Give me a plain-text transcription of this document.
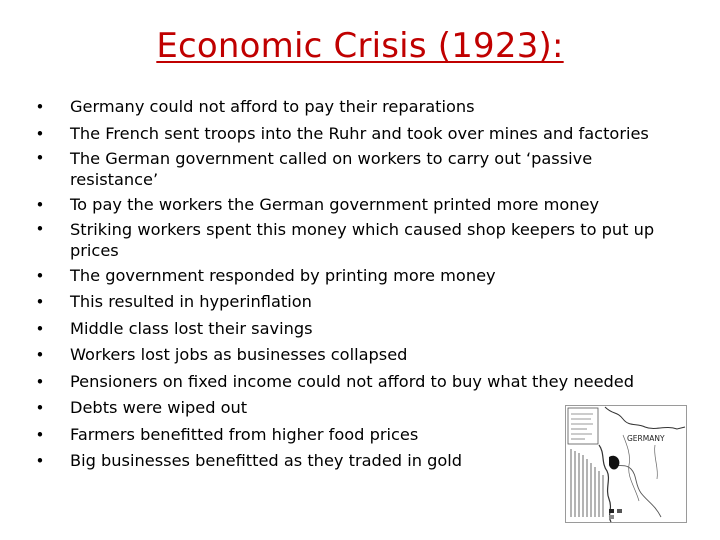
Economic Crisis (1923):
•	Germany could not afford to pay their reparations
•	The French sent troops into the Ruhr and took over mines and factories
•	The German government called on workers to carry out ‘passive resistance’
•	To pay the workers the German government printed more money
•	Striking workers spent this money which caused shop keepers to put up prices
•	The government responded by printing more money
•	This resulted in hyperinflation
•	Middle class lost their savings
•	Workers lost jobs as businesses collapsed
•	Pensioners on fixed income could not afford to buy what they needed
•	Debts were wiped out
•	Farmers benefitted from higher food prices
•	Big businesses benefitted as they traded in gold
GERMANY
